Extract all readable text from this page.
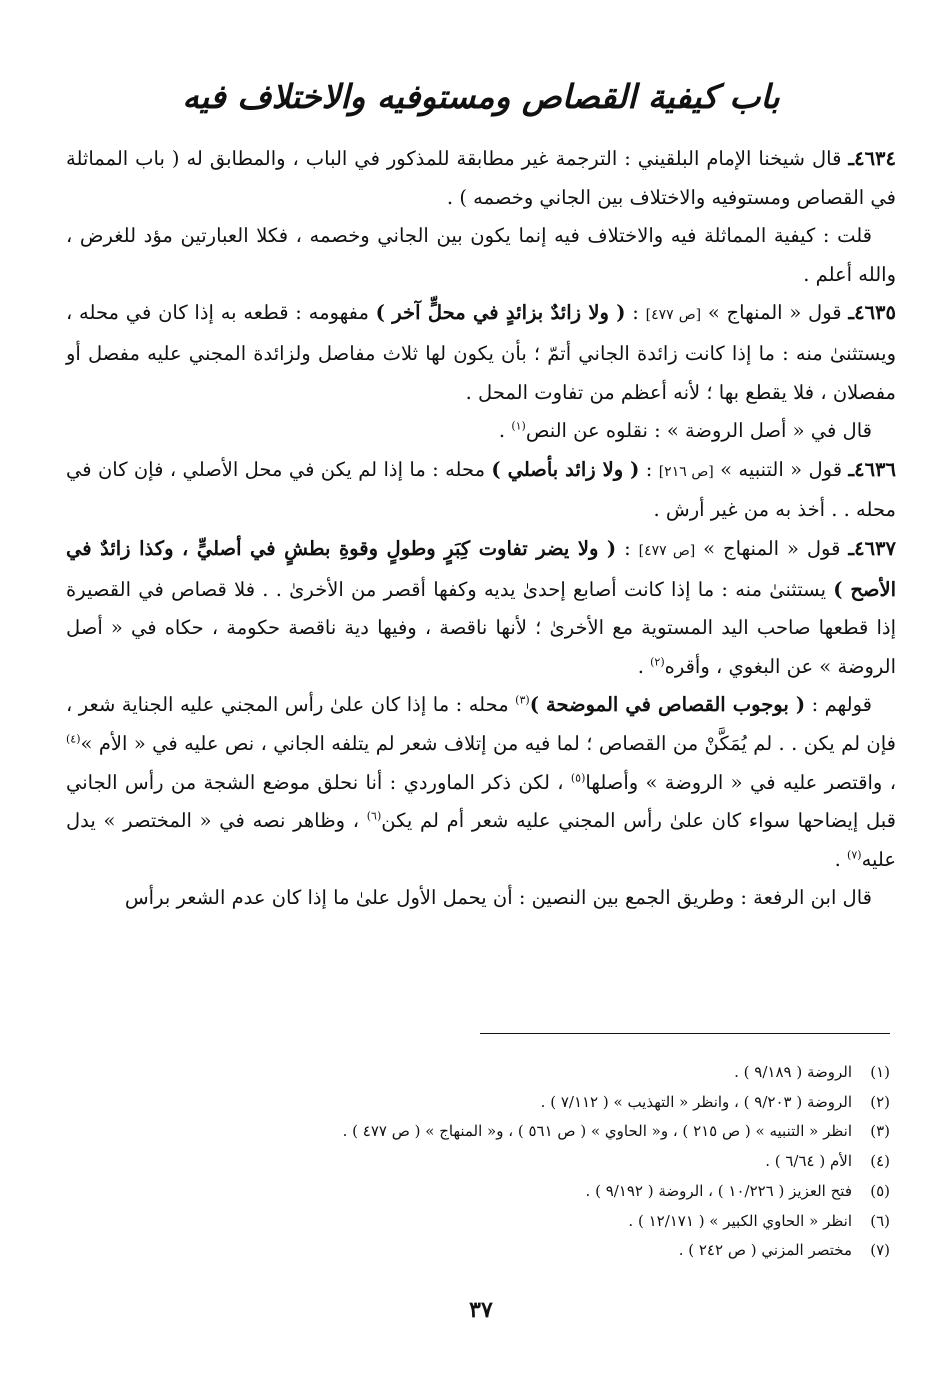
باب كيفية القصاص ومستوفيه والاختلاف فيه

٤٦٣٤ـ قال شيخنا الإمام البلقيني : الترجمة غير مطابقة للمذكور في الباب ، والمطابق له ( باب المماثلة في القصاص ومستوفيه والاختلاف بين الجاني وخصمه ) .

قلت : كيفية المماثلة فيه والاختلاف فيه إنما يكون بين الجاني وخصمه ، فكلا العبارتين مؤد للغرض ، والله أعلم .

٤٦٣٥ـ قول « المنهاج » [ص ٤٧٧] : ( ولا زائدٌ بزائدٍ في محلٍّ آخر ) مفهومه : قطعه به إذا كان في محله ، ويستثنىٰ منه : ما إذا كانت زائدة الجاني أتمّ ؛ بأن يكون لها ثلاث مفاصل ولزائدة المجني عليه مفصل أو مفصلان ، فلا يقطع بها ؛ لأنه أعظم من تفاوت المحل .

قال في « أصل الروضة » : نقلوه عن النص$^{(١)}$ .

٤٦٣٦ـ قول « التنبيه » [ص ٢١٦] : ( ولا زائد بأصلي ) محله : ما إذا لم يكن في محل الأصلي ، فإن كان في محله . . أخذ به من غير أرش .

٤٦٣٧ـ قول « المنهاج » [ص ٤٧٧] : ( ولا يضر تفاوت كِبَرٍ وطولٍ وقوةِ بطشٍ في أصليٍّ ، وكذا زائدٌ في الأصح ) يستثنىٰ منه : ما إذا كانت أصابع إحدىٰ يديه وكفها أقصر من الأخرىٰ . . فلا قصاص في القصيرة إذا قطعها صاحب اليد المستوية مع الأخرىٰ ؛ لأنها ناقصة ، وفيها دية ناقصة حكومة ، حكاه في « أصل الروضة » عن البغوي ، وأقره$^{(٢)}$ .

قولهم : ( بوجوب القصاص في الموضحة )$^{(٣)}$ محله : ما إذا كان علىٰ رأس المجني عليه الجناية شعر ، فإن لم يكن . . لم يُمَكَّنْ من القصاص ؛ لما فيه من إتلاف شعر لم يتلفه الجاني ، نص عليه في « الأم »$^{(٤)}$ ، واقتصر عليه في « الروضة » وأصلها$^{(٥)}$ ، لكن ذكر الماوردي : أنا نحلق موضع الشجة من رأس الجاني قبل إيضاحها سواء كان علىٰ رأس المجني عليه شعر أم لم يكن$^{(٦)}$ ، وظاهر نصه في « المختصر » يدل عليه$^{(٧)}$ .

قال ابن الرفعة : وطريق الجمع بين النصين : أن يحمل الأول علىٰ ما إذا كان عدم الشعر برأس

(١)
الروضة ( ٩/١٨٩ ) .
(٢)
الروضة ( ٩/٢٠٣ ) ، وانظر « التهذيب » ( ٧/١١٢ ) .
(٣)
انظر « التنبيه » ( ص ٢١٥ ) ، و« الحاوي » ( ص ٥٦١ ) ، و« المنهاج » ( ص ٤٧٧ ) .
(٤)
الأم ( ٦/٦٤ ) .
(٥)
فتح العزيز ( ١٠/٢٢٦ ) ، الروضة ( ٩/١٩٢ ) .
(٦)
انظر « الحاوي الكبير » ( ١٢/١٧١ ) .
(٧)
مختصر المزني ( ص ٢٤٢ ) .
٣٧
